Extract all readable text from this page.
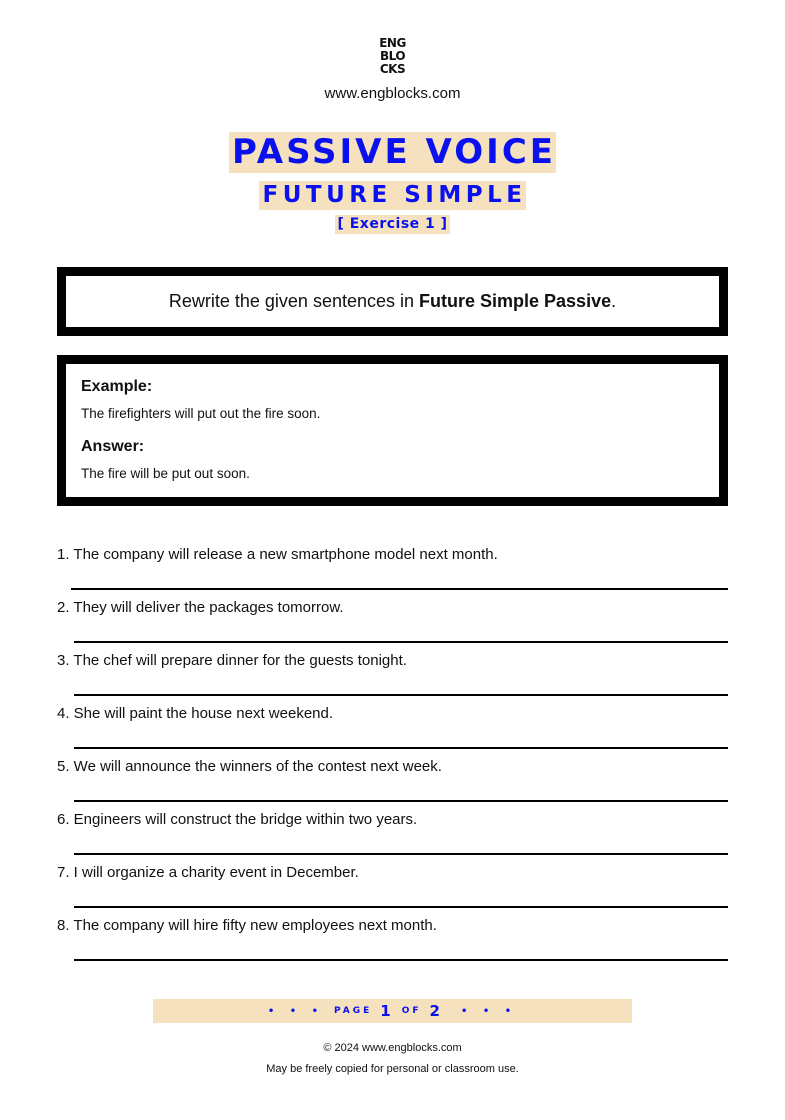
ENG
BLO
CKS
www.engblocks.com
PASSIVE VOICE
FUTURE SIMPLE
[ Exercise 1 ]
Rewrite the given sentences in Future Simple Passive .

Example:

The firefighters will put out the fire soon.

Answer:

The fire will be put out soon.

1. The company will release a new smartphone model next month.
2. They will deliver the packages tomorrow.
3. The chef will prepare dinner for the guests tonight.
4. She will paint the house next weekend.
5. We will announce the winners of the contest next week.
6. Engineers will construct the bridge within two years.
7. I will organize a charity event in December.
8. The company will hire fifty new employees next month.
• • • PAGE 1 OF 2 • • •
© 2024 www.engblocks.com
May be freely copied for personal or classroom use.
